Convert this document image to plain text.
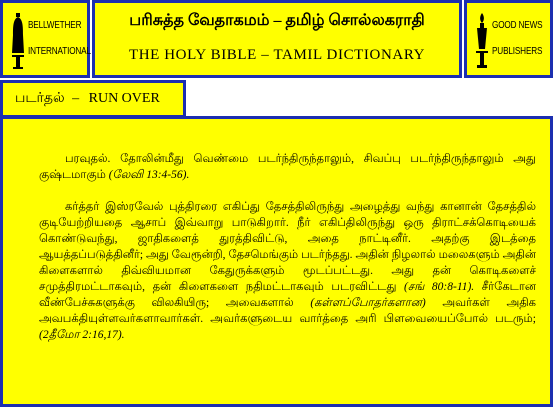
BELLWETHER
INTERNATIONAL
பரிசுத்த வேதாகமம் – தமிழ் சொல்லகராதி
THE HOLY BIBLE – TAMIL DICTIONARY
GOOD NEWS
PUBLISHERS
படர்தல் – RUN OVER

பரவுதல். தோலின்மீது வெண்மை படர்ந்திருந்தாலும், சிவப்பு படர்ந்திருந்தாலும் அது குஷ்டமாகும் (லேவி 13:4-56).

கர்த்தர் இஸ்ரவேல் புத்திரரை எகிப்து தேசத்திலிருந்து அழைத்து வந்து கானான் தேசத்தில் குடியேற்றியதை ஆசாப் இவ்வாறு பாடுகிறார். நீர் எகிப்திலிருந்து ஒரு திராட்சக்கொடியைக் கொண்டுவந்து, ஜாதிகளைத் துரத்திவிட்டு, அதை நாட்டினீர். அதற்கு இடத்தை ஆயத்தப்படுத்தினீர்; அது வேரூன்றி, தேசமெங்கும் படர்ந்தது. அதின் நிழலால் மலைகளும் அதின் கிளைகளால் திவ்வியமான கேதுருக்களும் மூடப்பட்டது. அது தன் கொடிகளைச் சமுத்திரமட்டாகவும், தன் கிளைகளை நதிமட்டாகவும் படரவிட்டது (சங் 80:8-11). சீர்கேடான வீண்பேச்சுகளுக்கு விலகியிரு; அவைகளால் (கள்ளப்போதர்களான) அவர்கள் அதிக அவபக்தியுள்ளவர்களாவார்கள். அவர்களுடைய வார்த்தை அரி பிளவையைப்போல் படரும்; (2தீமோ 2:16,17).
